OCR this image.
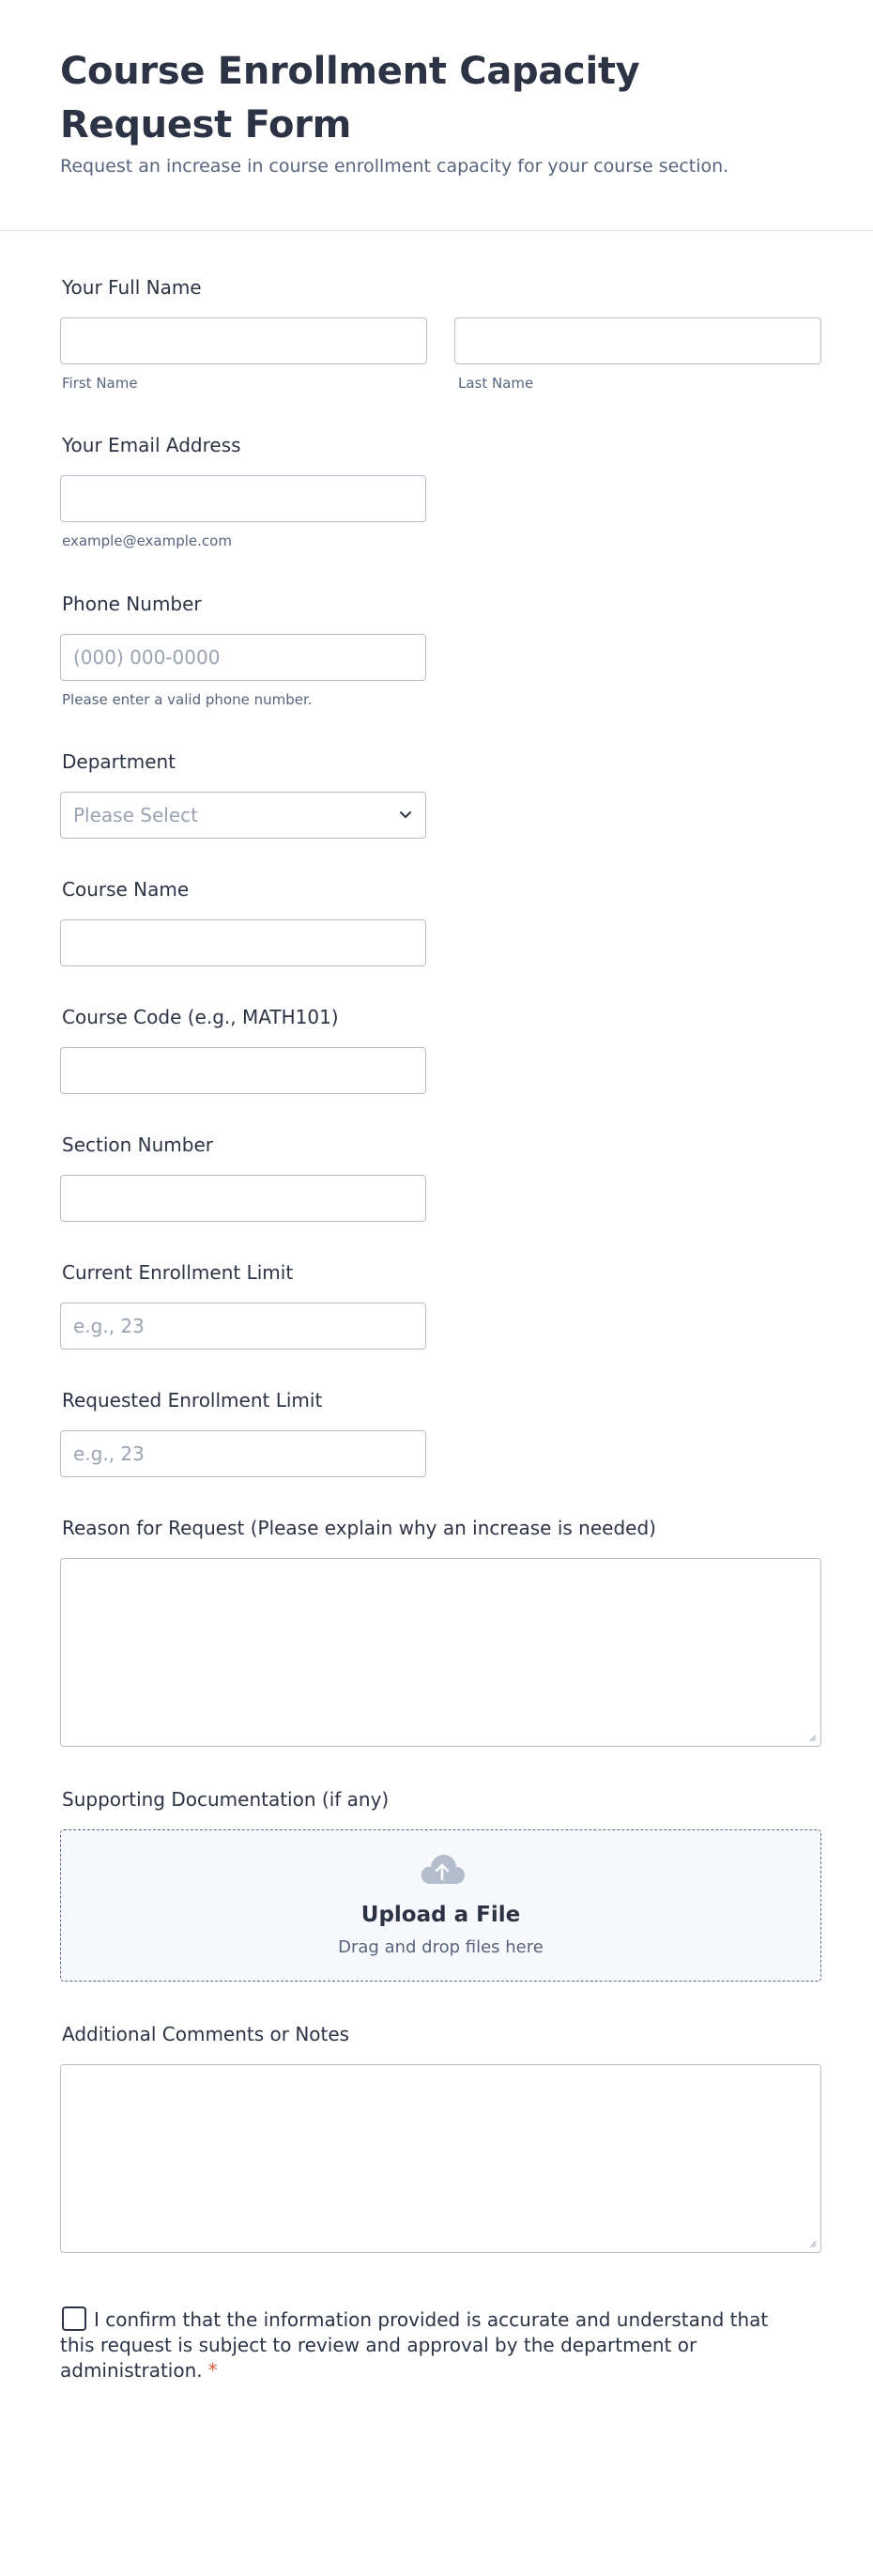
Course Enrollment Capacity Request Form

Request an increase in course enrollment capacity for your course section.

Your Full Name
First Name	Last Name
Your Email Address
example@example.com
Phone Number
(000) 000-0000
Please enter a valid phone number.
Department
Please Select
Course Name
Course Code (e.g., MATH101)
Section Number
Current Enrollment Limit
e.g., 23
Requested Enrollment Limit
e.g., 23
Reason for Request (Please explain why an increase is needed)
Supporting Documentation (if any)
Upload a File
Drag and drop files here
Additional Comments or Notes
I confirm that the information provided is accurate and understand that this request is subject to review and approval by the department or administration. *
